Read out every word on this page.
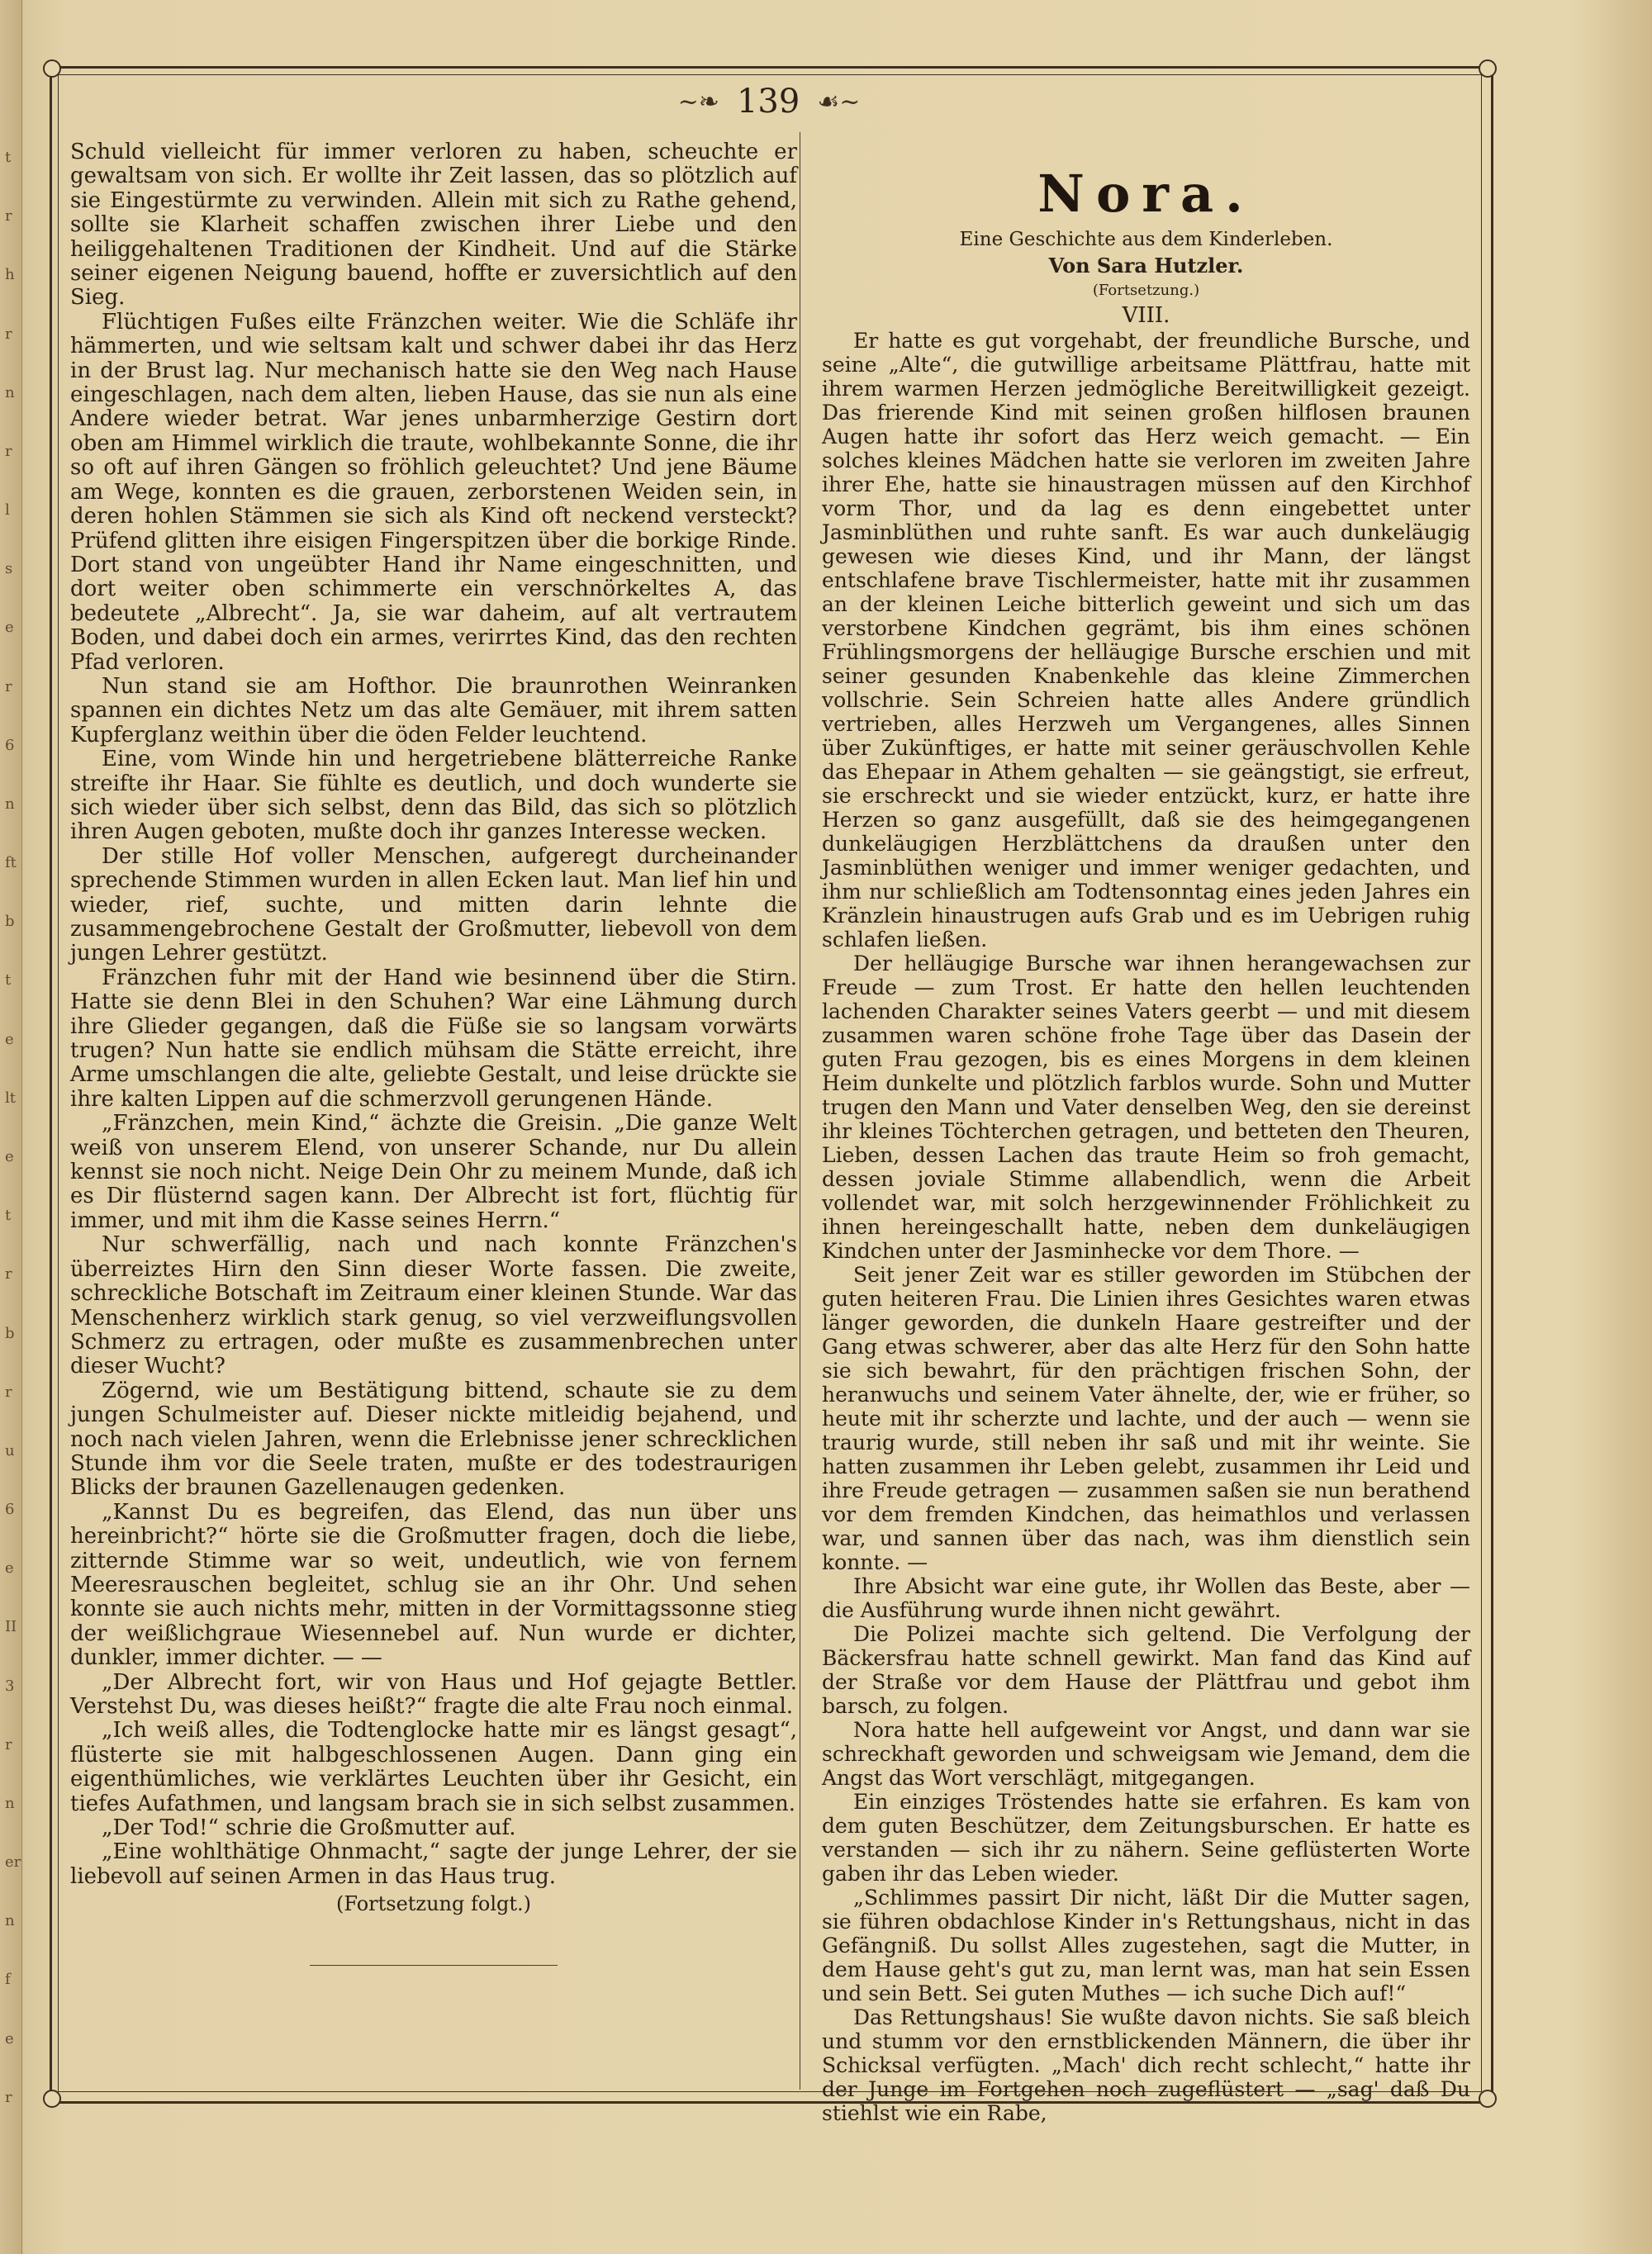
t
r
h
r
n
r
l
s
e
r
6
n
ft
b
t
e
lt
e
t
r
b
r
u
6
e
II
3
r
n
er
n
f
e
r
~❧ 139 ☙~

Schuld vielleicht für immer verloren zu haben, scheuchte er gewaltsam von sich. Er wollte ihr Zeit lassen, das so plötzlich auf sie Eingestürmte zu verwinden. Allein mit sich zu Rathe gehend, sollte sie Klarheit schaffen zwischen ihrer Liebe und den heiliggehaltenen Traditionen der Kindheit. Und auf die Stärke seiner eigenen Neigung bauend, hoffte er zuversichtlich auf den Sieg.

Flüchtigen Fußes eilte Fränzchen weiter. Wie die Schläfe ihr hämmerten, und wie seltsam kalt und schwer dabei ihr das Herz in der Brust lag. Nur mechanisch hatte sie den Weg nach Hause eingeschlagen, nach dem alten, lieben Hause, das sie nun als eine Andere wieder betrat. War jenes unbarmherzige Gestirn dort oben am Himmel wirklich die traute, wohlbekannte Sonne, die ihr so oft auf ihren Gängen so fröhlich geleuchtet? Und jene Bäume am Wege, konnten es die grauen, zerborstenen Weiden sein, in deren hohlen Stämmen sie sich als Kind oft neckend versteckt? Prüfend glitten ihre eisigen Fingerspitzen über die borkige Rinde. Dort stand von ungeübter Hand ihr Name eingeschnitten, und dort weiter oben schimmerte ein verschnörkeltes A, das bedeutete „Albrecht“. Ja, sie war daheim, auf alt vertrautem Boden, und dabei doch ein armes, verirrtes Kind, das den rechten Pfad verloren.

Nun stand sie am Hofthor. Die braunrothen Weinranken spannen ein dichtes Netz um das alte Gemäuer, mit ihrem satten Kupferglanz weithin über die öden Felder leuchtend.

Eine, vom Winde hin und hergetriebene blätterreiche Ranke streifte ihr Haar. Sie fühlte es deutlich, und doch wunderte sie sich wieder über sich selbst, denn das Bild, das sich so plötzlich ihren Augen geboten, mußte doch ihr ganzes Interesse wecken.

Der stille Hof voller Menschen, aufgeregt durcheinander sprechende Stimmen wurden in allen Ecken laut. Man lief hin und wieder, rief, suchte, und mitten darin lehnte die zusammengebrochene Gestalt der Großmutter, liebevoll von dem jungen Lehrer gestützt.

Fränzchen fuhr mit der Hand wie besinnend über die Stirn. Hatte sie denn Blei in den Schuhen? War eine Lähmung durch ihre Glieder gegangen, daß die Füße sie so langsam vorwärts trugen? Nun hatte sie endlich mühsam die Stätte erreicht, ihre Arme umschlangen die alte, geliebte Gestalt, und leise drückte sie ihre kalten Lippen auf die schmerzvoll gerungenen Hände.

„Fränzchen, mein Kind,“ ächzte die Greisin. „Die ganze Welt weiß von unserem Elend, von unserer Schande, nur Du allein kennst sie noch nicht. Neige Dein Ohr zu meinem Munde, daß ich es Dir flüsternd sagen kann. Der Albrecht ist fort, flüchtig für immer, und mit ihm die Kasse seines Herrn.“

Nur schwerfällig, nach und nach konnte Fränzchen's überreiztes Hirn den Sinn dieser Worte fassen. Die zweite, schreckliche Botschaft im Zeitraum einer kleinen Stunde. War das Menschenherz wirklich stark genug, so viel verzweiflungsvollen Schmerz zu ertragen, oder mußte es zusammenbrechen unter dieser Wucht?

Zögernd, wie um Bestätigung bittend, schaute sie zu dem jungen Schulmeister auf. Dieser nickte mitleidig bejahend, und noch nach vielen Jahren, wenn die Erlebnisse jener schrecklichen Stunde ihm vor die Seele traten, mußte er des todestraurigen Blicks der braunen Gazellenaugen gedenken.

„Kannst Du es begreifen, das Elend, das nun über uns hereinbricht?“ hörte sie die Großmutter fragen, doch die liebe, zitternde Stimme war so weit, undeutlich, wie von fernem Meeresrauschen begleitet, schlug sie an ihr Ohr. Und sehen konnte sie auch nichts mehr, mitten in der Vormittagssonne stieg der weißlichgraue Wiesennebel auf. Nun wurde er dichter, dunkler, immer dichter. — —

„Der Albrecht fort, wir von Haus und Hof gejagte Bettler. Verstehst Du, was dieses heißt?“ fragte die alte Frau noch einmal.

„Ich weiß alles, die Todtenglocke hatte mir es längst gesagt“, flüsterte sie mit halbgeschlossenen Augen. Dann ging ein eigenthümliches, wie verklärtes Leuchten über ihr Gesicht, ein tiefes Aufathmen, und langsam brach sie in sich selbst zusammen.

„Der Tod!“ schrie die Großmutter auf.

„Eine wohlthätige Ohnmacht,“ sagte der junge Lehrer, der sie liebevoll auf seinen Armen in das Haus trug.

(Fortsetzung folgt.)
Nora.
Eine Geschichte aus dem Kinderleben.
Von Sara Hutzler.
(Fortsetzung.)
VIII.

Er hatte es gut vorgehabt, der freundliche Bursche, und seine „Alte“, die gutwillige arbeitsame Plättfrau, hatte mit ihrem warmen Herzen jedmögliche Bereitwilligkeit gezeigt. Das frierende Kind mit seinen großen hilflosen braunen Augen hatte ihr sofort das Herz weich gemacht. — Ein solches kleines Mädchen hatte sie verloren im zweiten Jahre ihrer Ehe, hatte sie hinaustragen müssen auf den Kirchhof vorm Thor, und da lag es denn eingebettet unter Jasminblüthen und ruhte sanft. Es war auch dunkeläugig gewesen wie dieses Kind, und ihr Mann, der längst entschlafene brave Tischlermeister, hatte mit ihr zusammen an der kleinen Leiche bitterlich geweint und sich um das verstorbene Kindchen gegrämt, bis ihm eines schönen Frühlingsmorgens der helläugige Bursche erschien und mit seiner gesunden Knabenkehle das kleine Zimmerchen vollschrie. Sein Schreien hatte alles Andere gründlich vertrieben, alles Herzweh um Vergangenes, alles Sinnen über Zukünftiges, er hatte mit seiner geräuschvollen Kehle das Ehepaar in Athem gehalten — sie geängstigt, sie erfreut, sie erschreckt und sie wieder entzückt, kurz, er hatte ihre Herzen so ganz ausgefüllt, daß sie des heimgegangenen dunkeläugigen Herzblättchens da draußen unter den Jasminblüthen weniger und immer weniger gedachten, und ihm nur schließlich am Todtensonntag eines jeden Jahres ein Kränzlein hinaustrugen aufs Grab und es im Uebrigen ruhig schlafen ließen.

Der helläugige Bursche war ihnen herangewachsen zur Freude — zum Trost. Er hatte den hellen leuchtenden lachenden Charakter seines Vaters geerbt — und mit diesem zusammen waren schöne frohe Tage über das Dasein der guten Frau gezogen, bis es eines Morgens in dem kleinen Heim dunkelte und plötzlich farblos wurde. Sohn und Mutter trugen den Mann und Vater denselben Weg, den sie dereinst ihr kleines Töchterchen getragen, und betteten den Theuren, Lieben, dessen Lachen das traute Heim so froh gemacht, dessen joviale Stimme allabendlich, wenn die Arbeit vollendet war, mit solch herzgewinnender Fröhlichkeit zu ihnen hereingeschallt hatte, neben dem dunkeläugigen Kindchen unter der Jasminhecke vor dem Thore. —

Seit jener Zeit war es stiller geworden im Stübchen der guten heiteren Frau. Die Linien ihres Gesichtes waren etwas länger geworden, die dunkeln Haare gestreifter und der Gang etwas schwerer, aber das alte Herz für den Sohn hatte sie sich bewahrt, für den prächtigen frischen Sohn, der heranwuchs und seinem Vater ähnelte, der, wie er früher, so heute mit ihr scherzte und lachte, und der auch — wenn sie traurig wurde, still neben ihr saß und mit ihr weinte. Sie hatten zusammen ihr Leben gelebt, zusammen ihr Leid und ihre Freude getragen — zusammen saßen sie nun berathend vor dem fremden Kindchen, das heimathlos und verlassen war, und sannen über das nach, was ihm dienstlich sein konnte. —

Ihre Absicht war eine gute, ihr Wollen das Beste, aber — die Ausführung wurde ihnen nicht gewährt.

Die Polizei machte sich geltend. Die Verfolgung der Bäckersfrau hatte schnell gewirkt. Man fand das Kind auf der Straße vor dem Hause der Plättfrau und gebot ihm barsch, zu folgen.

Nora hatte hell aufgeweint vor Angst, und dann war sie schreckhaft geworden und schweigsam wie Jemand, dem die Angst das Wort verschlägt, mitgegangen.

Ein einziges Tröstendes hatte sie erfahren. Es kam von dem guten Beschützer, dem Zeitungsburschen. Er hatte es verstanden — sich ihr zu nähern. Seine geflüsterten Worte gaben ihr das Leben wieder.

„Schlimmes passirt Dir nicht, läßt Dir die Mutter sagen, sie führen obdachlose Kinder in's Rettungshaus, nicht in das Gefängniß. Du sollst Alles zugestehen, sagt die Mutter, in dem Hause geht's gut zu, man lernt was, man hat sein Essen und sein Bett. Sei guten Muthes — ich suche Dich auf!“

Das Rettungshaus! Sie wußte davon nichts. Sie saß bleich und stumm vor den ernstblickenden Männern, die über ihr Schicksal verfügten. „Mach' dich recht schlecht,“ hatte ihr der Junge im Fortgehen noch zugeflüstert — „sag' daß Du stiehlst wie ein Rabe,
